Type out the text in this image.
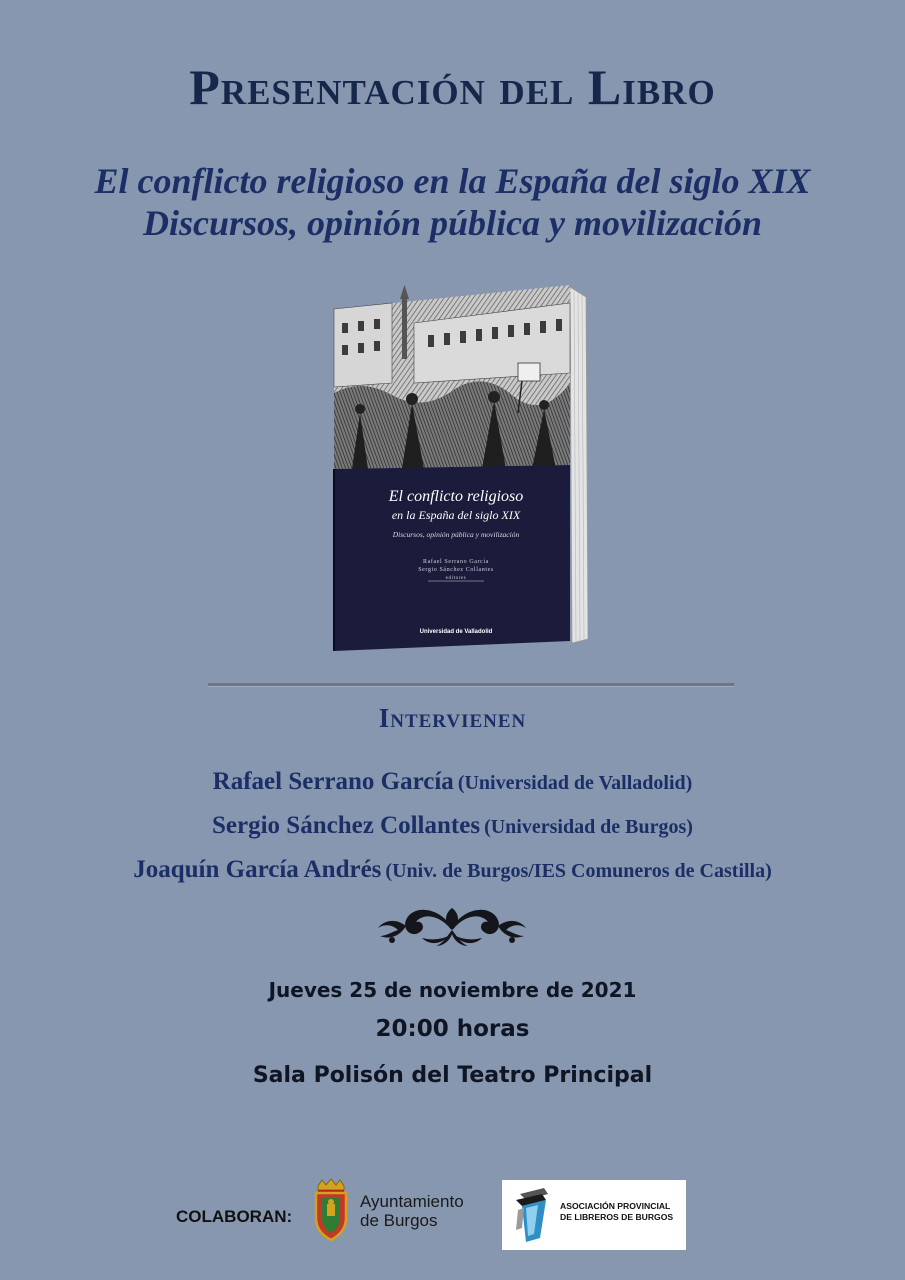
Presentación del Libro
El conflicto religioso en la España del siglo XIX
Discursos, opinión pública y movilización
El conflicto religioso
en la España del siglo XIX
Discursos, opinión pública y movilización
Rafael Serrano García
Sergio Sánchez Collantes
editores
Universidad de Valladolid
Intervienen
Rafael Serrano García (Universidad de Valladolid)
Sergio Sánchez Collantes (Universidad de Burgos)
Joaquín García Andrés (Univ. de Burgos/IES Comuneros de Castilla)
Jueves 25 de noviembre de 2021
20:00 horas
Sala Polisón del Teatro Principal
COLABORAN:
Ayuntamiento
de Burgos
ASOCIACIÓN PROVINCIAL
DE LIBREROS DE BURGOS
